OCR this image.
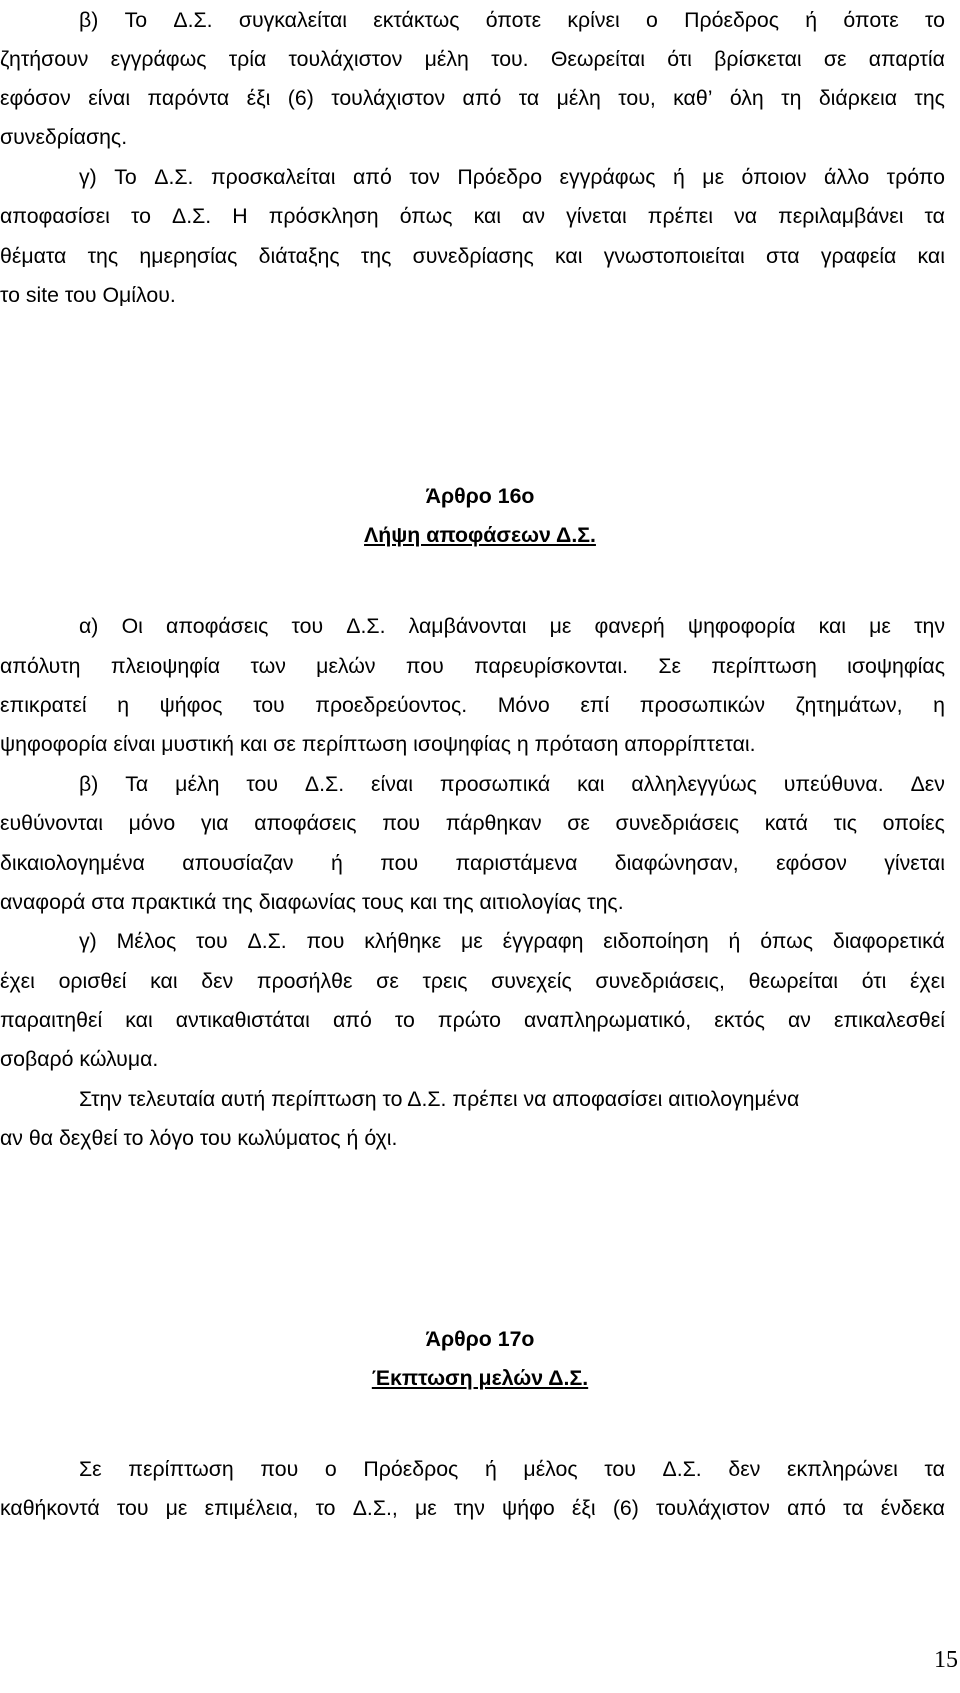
β) Το Δ.Σ. συγκαλείται εκτάκτως όποτε κρίνει ο Πρόεδρος ή όποτε το
ζητήσουν εγγράφως τρία τουλάχιστον μέλη του. Θεωρείται ότι βρίσκεται σε απαρτία
εφόσον είναι παρόντα έξι (6) τουλάχιστον από τα μέλη του, καθ’ όλη τη διάρκεια της
συνεδρίασης.
γ) Το Δ.Σ. προσκαλείται από τον Πρόεδρο εγγράφως ή με όποιον άλλο τρόπο
αποφασίσει το Δ.Σ. Η πρόσκληση όπως και αν γίνεται πρέπει να περιλαμβάνει τα
θέματα της ημερησίας διάταξης της συνεδρίασης και γνωστοποιείται στα γραφεία και
το site του Ομίλου.
Άρθρο 16ο
Λήψη αποφάσεων Δ.Σ.
α) Οι αποφάσεις του Δ.Σ. λαμβάνονται με φανερή ψηφοφορία και με την
απόλυτη πλειοψηφία των μελών που παρευρίσκονται. Σε περίπτωση ισοψηφίας
επικρατεί η ψήφος του προεδρεύοντος. Μόνο επί προσωπικών ζητημάτων, η
ψηφοφορία είναι μυστική και σε περίπτωση ισοψηφίας η πρόταση απορρίπτεται.
β) Τα μέλη του Δ.Σ. είναι προσωπικά και αλληλεγγύως υπεύθυνα. Δεν
ευθύνονται μόνο για αποφάσεις που πάρθηκαν σε συνεδριάσεις κατά τις οποίες
δικαιολογημένα απουσίαζαν ή που παριστάμενα διαφώνησαν, εφόσον γίνεται
αναφορά στα πρακτικά της διαφωνίας τους και της αιτιολογίας της.
γ) Μέλος του Δ.Σ. που κλήθηκε με έγγραφη ειδοποίηση ή όπως διαφορετικά
έχει ορισθεί και δεν προσήλθε σε τρεις συνεχείς συνεδριάσεις, θεωρείται ότι έχει
παραιτηθεί και αντικαθιστάται από το πρώτο αναπληρωματικό, εκτός αν επικαλεσθεί
σοβαρό κώλυμα.
Στην τελευταία αυτή περίπτωση το Δ.Σ. πρέπει να αποφασίσει αιτιολογημένα
αν θα δεχθεί το λόγο του κωλύματος ή όχι.
Άρθρο 17ο
Έκπτωση μελών Δ.Σ.
Σε περίπτωση που ο Πρόεδρος ή μέλος του Δ.Σ. δεν εκπληρώνει τα
καθήκοντά του με επιμέλεια, το Δ.Σ., με την ψήφο έξι (6) τουλάχιστον από τα ένδεκα
15
